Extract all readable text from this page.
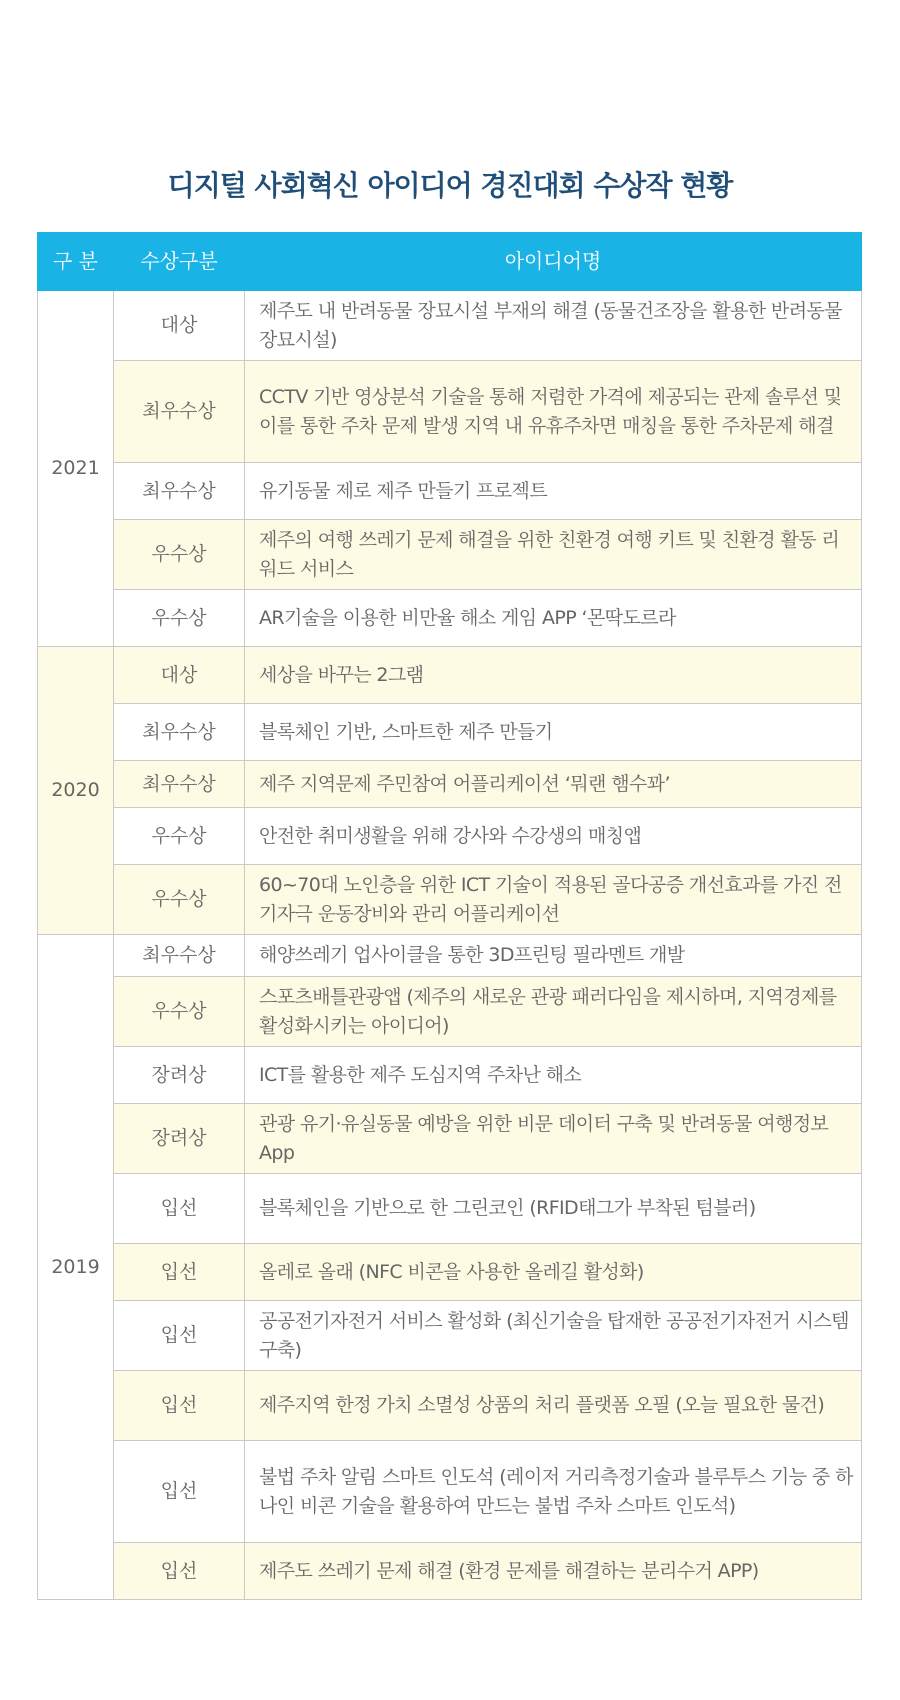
디지털 사회혁신 아이디어 경진대회 수상작 현황
구 분	수상구분	아이디어명
2021	대상	제주도 내 반려동물 장묘시설 부재의 해결 (동물건조장을 활용한 반려동물 장묘시설)
	최우수상	CCTV 기반 영상분석 기술을 통해 저렴한 가격에 제공되는 관제 솔루션 및 이를 통한 주차 문제 발생 지역 내 유휴주차면 매칭을 통한 주차문제 해결
	최우수상	유기동물 제로 제주 만들기 프로젝트
	우수상	제주의 여행 쓰레기 문제 해결을 위한 친환경 여행 키트 및 친환경 활동 리워드 서비스
	우수상	AR기술을 이용한 비만율 해소 게임 APP ‘몬딱도르라
2020	대상	세상을 바꾸는 2그램
	최우수상	블록체인 기반, 스마트한 제주 만들기
	최우수상	제주 지역문제 주민참여 어플리케이션 ‘뭐랜 햄수꽈’
	우수상	안전한 취미생활을 위해 강사와 수강생의 매칭앱
	우수상	60~70대 노인층을 위한 ICT 기술이 적용된 골다공증 개선효과를 가진 전기자극 운동장비와 관리 어플리케이션
2019	최우수상	해양쓰레기 업사이클을 통한 3D프린팅 필라멘트 개발
	우수상	스포츠배틀관광앱 (제주의 새로운 관광 패러다임을 제시하며, 지역경제를 활성화시키는 아이디어)
	장려상	ICT를 활용한 제주 도심지역 주차난 해소
	장려상	관광 유기·유실동물 예방을 위한 비문 데이터 구축 및 반려동물 여행정보 App
	입선	블록체인을 기반으로 한 그린코인 (RFID태그가 부착된 텀블러)
	입선	올레로 올래 (NFC 비콘을 사용한 올레길 활성화)
	입선	공공전기자전거 서비스 활성화 (최신기술을 탑재한 공공전기자전거 시스템 구축)
	입선	제주지역 한정 가치 소멸성 상품의 처리 플랫폼 오필 (오늘 필요한 물건)
	입선	불법 주차 알림 스마트 인도석 (레이저 거리측정기술과 블루투스 기능 중 하나인 비콘 기술을 활용하여 만드는 불법 주차 스마트 인도석)
	입선	제주도 쓰레기 문제 해결 (환경 문제를 해결하는 분리수거 APP)
